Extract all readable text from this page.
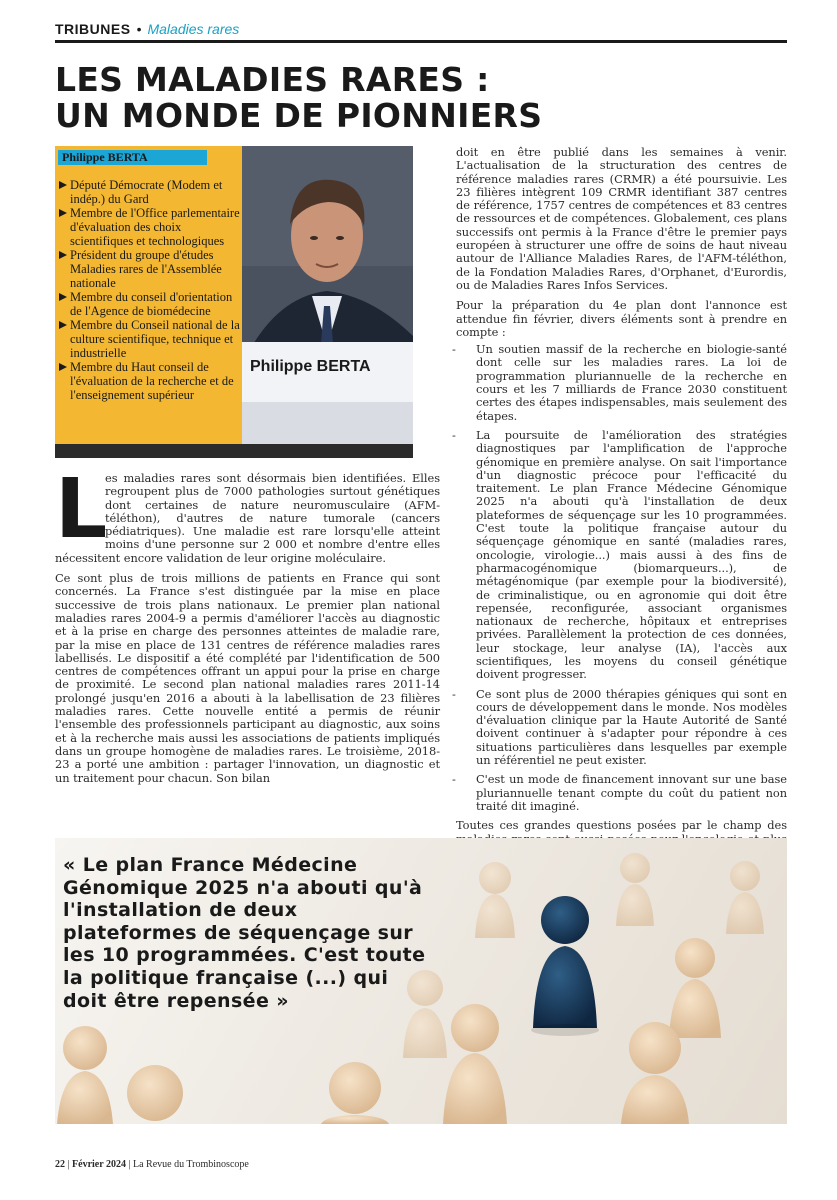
TRIBUNES • Maladies rares
LES MALADIES RARES :
UN MONDE DE PIONNIERS
Philippe BERTA
Député Démocrate (Modem et indép.) du Gard
Membre de l'Office parlementaire d'évaluation des choix scientifiques et technologiques
Président du groupe d'études Maladies rares de l'Assemblée nationale
Membre du conseil d'orientation de l'Agence de biomédecine
Membre du Conseil national de la culture scientifique, technique et industrielle
Membre du Haut conseil de l'évaluation de la recherche et de l'enseignement supérieur
Philippe BERTA
L

es maladies rares sont désormais bien identifiées. Elles regroupent plus de 7000 pathologies surtout génétiques dont certaines de nature neuromusculaire (AFM-téléthon), d'autres de nature tumorale (cancers pédiatriques). Une maladie est rare lorsqu'elle atteint moins d'une personne sur 2 000 et nombre d'entre elles nécessitent encore validation de leur origine moléculaire.

Ce sont plus de trois millions de patients en France qui sont concernés. La France s'est distinguée par la mise en place successive de trois plans nationaux. Le premier plan national maladies rares 2004-9 a permis d'améliorer l'accès au diagnostic et à la prise en charge des personnes atteintes de maladie rare, par la mise en place de 131 centres de référence maladies rares labellisés. Le dispositif a été complété par l'identification de 500 centres de compétences offrant un appui pour la prise en charge de proximité. Le second plan national maladies rares 2011-14 prolongé jusqu'en 2016 a abouti à la labellisation de 23 filières maladies rares. Cette nouvelle entité a permis de réunir l'ensemble des professionnels participant au diagnostic, aux soins et à la recherche mais aussi les associations de patients impliqués dans un groupe homogène de maladies rares. Le troisième, 2018-23 a porté une ambition : partager l'innovation, un diagnostic et un traitement pour chacun. Son bilan

doit en être publié dans les semaines à venir. L'actualisation de la structuration des centres de référence maladies rares (CRMR) a été poursuivie. Les 23 filières intègrent 109 CRMR identifiant 387 centres de référence, 1757 centres de compétences et 83 centres de ressources et de compétences. Globalement, ces plans successifs ont permis à la France d'être le premier pays européen à structurer une offre de soins de haut niveau autour de l'Alliance Maladies Rares, de l'AFM-téléthon, de la Fondation Maladies Rares, d'Orphanet, d'Eurordis, ou de Maladies Rares Infos Services.

Pour la préparation du 4e plan dont l'annonce est attendue fin février, divers éléments sont à prendre en compte :

- Un soutien massif de la recherche en biologie-santé dont celle sur les maladies rares. La loi de programmation pluriannuelle de la recherche en cours et les 7 milliards de France 2030 constituent certes des étapes indispensables, mais seulement des étapes.
- La poursuite de l'amélioration des stratégies diagnostiques par l'amplification de l'approche génomique en première analyse. On sait l'importance d'un diagnostic précoce pour l'efficacité du traitement. Le plan France Médecine Génomique 2025 n'a abouti qu'à l'installation de deux plateformes de séquençage sur les 10 programmées. C'est toute la politique française autour du séquençage génomique en santé (maladies rares, oncologie, virologie...) mais aussi à des fins de pharmacogénomique (biomarqueurs...), de métagénomique (par exemple pour la biodiversité), de criminalistique, ou en agronomie qui doit être repensée, reconfigurée, associant organismes nationaux de recherche, hôpitaux et entreprises privées. Parallèlement la protection de ces données, leur stockage, leur analyse (IA), l'accès aux scientifiques, les moyens du conseil génétique doivent progresser.
- Ce sont plus de 2000 thérapies géniques qui sont en cours de développement dans le monde. Nos modèles d'évaluation clinique par la Haute Autorité de Santé doivent continuer à s'adapter pour répondre à ces situations particulières dans lesquelles par exemple un référentiel ne peut exister.
- C'est un mode de financement innovant sur une base pluriannuelle tenant compte du coût du patient non traité dit imaginé.

Toutes ces grandes questions posées par le champ des

« Le plan France Médecine Génomique 2025 n'a abouti qu'à l'installation de deux plateformes de séquençage sur les 10 programmées. C'est toute la politique française (...) qui doit être repensée »
22 | Février 2024 | La Revue du Trombinoscope
